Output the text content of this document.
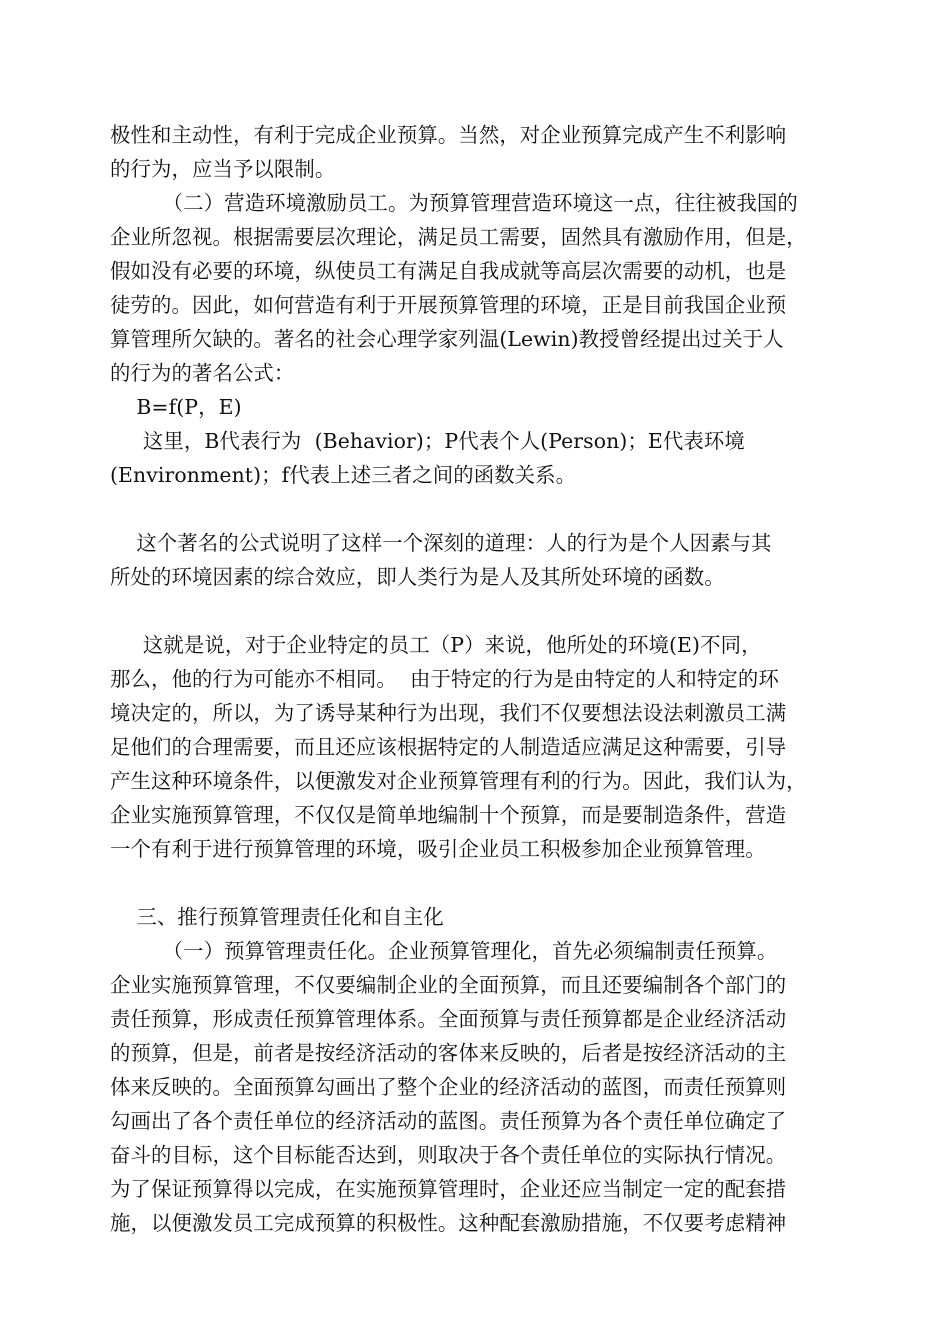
极性和主动性，有利于完成企业预算。当然，对企业预算完成产生不利影响
的行为，应当予以限制。
（二）营造环境激励员工。为预算管理营造环境这一点，往往被我国的
企业所忽视。根据需要层次理论，满足员工需要，固然具有激励作用，但是，
假如没有必要的环境，纵使员工有满足自我成就等高层次需要的动机，也是
徒劳的。因此，如何营造有利于开展预算管理的环境，正是目前我国企业预
算管理所欠缺的。著名的社会心理学家列温(Lewin)教授曾经提出过关于人
的行为的著名公式：
B=f(P，E)
这里，B代表行为  (Behavior)；P代表个人(Person)；E代表环境
(Environment)；f代表上述三者之间的函数关系。
这个著名的公式说明了这样一个深刻的道理：人的行为是个人因素与其
所处的环境因素的综合效应，即人类行为是人及其所处环境的函数。
这就是说，对于企业特定的员工（P）来说，他所处的环境(E)不同，
那么，他的行为可能亦不相同。  由于特定的行为是由特定的人和特定的环
境决定的，所以，为了诱导某种行为出现，我们不仅要想法设法刺激员工满
足他们的合理需要，而且还应该根据特定的人制造适应满足这种需要，引导
产生这种环境条件，以便激发对企业预算管理有利的行为。因此，我们认为，
企业实施预算管理，不仅仅是简单地编制十个预算，而是要制造条件，营造
一个有利于进行预算管理的环境，吸引企业员工积极参加企业预算管理。
三、推行预算管理责任化和自主化
（一）预算管理责任化。企业预算管理化，首先必须编制责任预算。
企业实施预算管理，不仅要编制企业的全面预算，而且还要编制各个部门的
责任预算，形成责任预算管理体系。全面预算与责任预算都是企业经济活动
的预算，但是，前者是按经济活动的客体来反映的，后者是按经济活动的主
体来反映的。全面预算勾画出了整个企业的经济活动的蓝图，而责任预算则
勾画出了各个责任单位的经济活动的蓝图。责任预算为各个责任单位确定了
奋斗的目标，这个目标能否达到，则取决于各个责任单位的实际执行情况。
为了保证预算得以完成，在实施预算管理时，企业还应当制定一定的配套措
施，以便激发员工完成预算的积极性。这种配套激励措施，不仅要考虑精神
